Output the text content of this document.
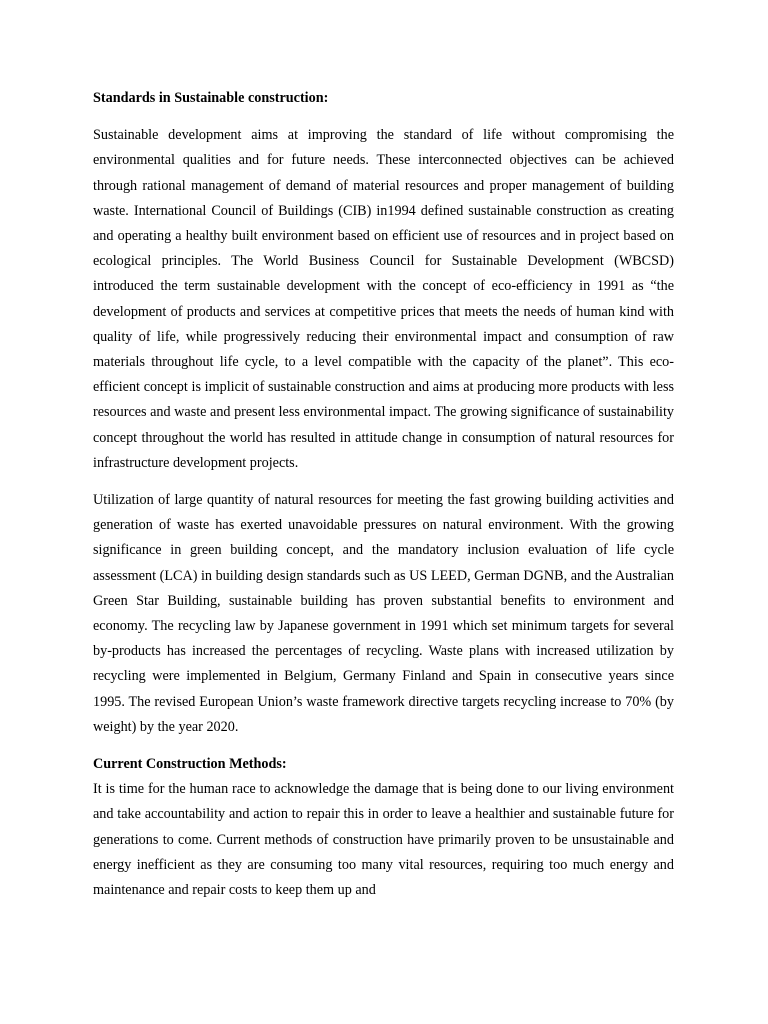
Standards in Sustainable construction:

Sustainable development aims at improving the standard of life without compromising the environmental qualities and for future needs. These interconnected objectives can be achieved through rational management of demand of material resources and proper management of building waste. International Council of Buildings (CIB) in1994 defined sustainable construction as creating and operating a healthy built environment based on efficient use of resources and in project based on ecological principles. The World Business Council for Sustainable Development (WBCSD) introduced the term sustainable development with the concept of eco-efficiency in 1991 as “the development of products and services at competitive prices that meets the needs of human kind with quality of life, while progressively reducing their environmental impact and consumption of raw materials throughout life cycle, to a level compatible with the capacity of the planet”. This eco-efficient concept is implicit of sustainable construction and aims at producing more products with less resources and waste and present less environmental impact. The growing significance of sustainability concept throughout the world has resulted in attitude change in consumption of natural resources for infrastructure development projects.

Utilization of large quantity of natural resources for meeting the fast growing building activities and generation of waste has exerted unavoidable pressures on natural environment. With the growing significance in green building concept, and the mandatory inclusion evaluation of life cycle assessment (LCA) in building design standards such as US LEED, German DGNB, and the Australian Green Star Building, sustainable building has proven substantial benefits to environment and economy. The recycling law by Japanese government in 1991 which set minimum targets for several by-products has increased the percentages of recycling. Waste plans with increased utilization by recycling were implemented in Belgium, Germany Finland and Spain in consecutive years since 1995. The revised European Union’s waste framework directive targets recycling increase to 70% (by weight) by the year 2020.

Current Construction Methods:

It is time for the human race to acknowledge the damage that is being done to our living environment and take accountability and action to repair this in order to leave a healthier and sustainable future for generations to come. Current methods of construction have primarily proven to be unsustainable and energy inefficient as they are consuming too many vital resources, requiring too much energy and maintenance and repair costs to keep them up and
